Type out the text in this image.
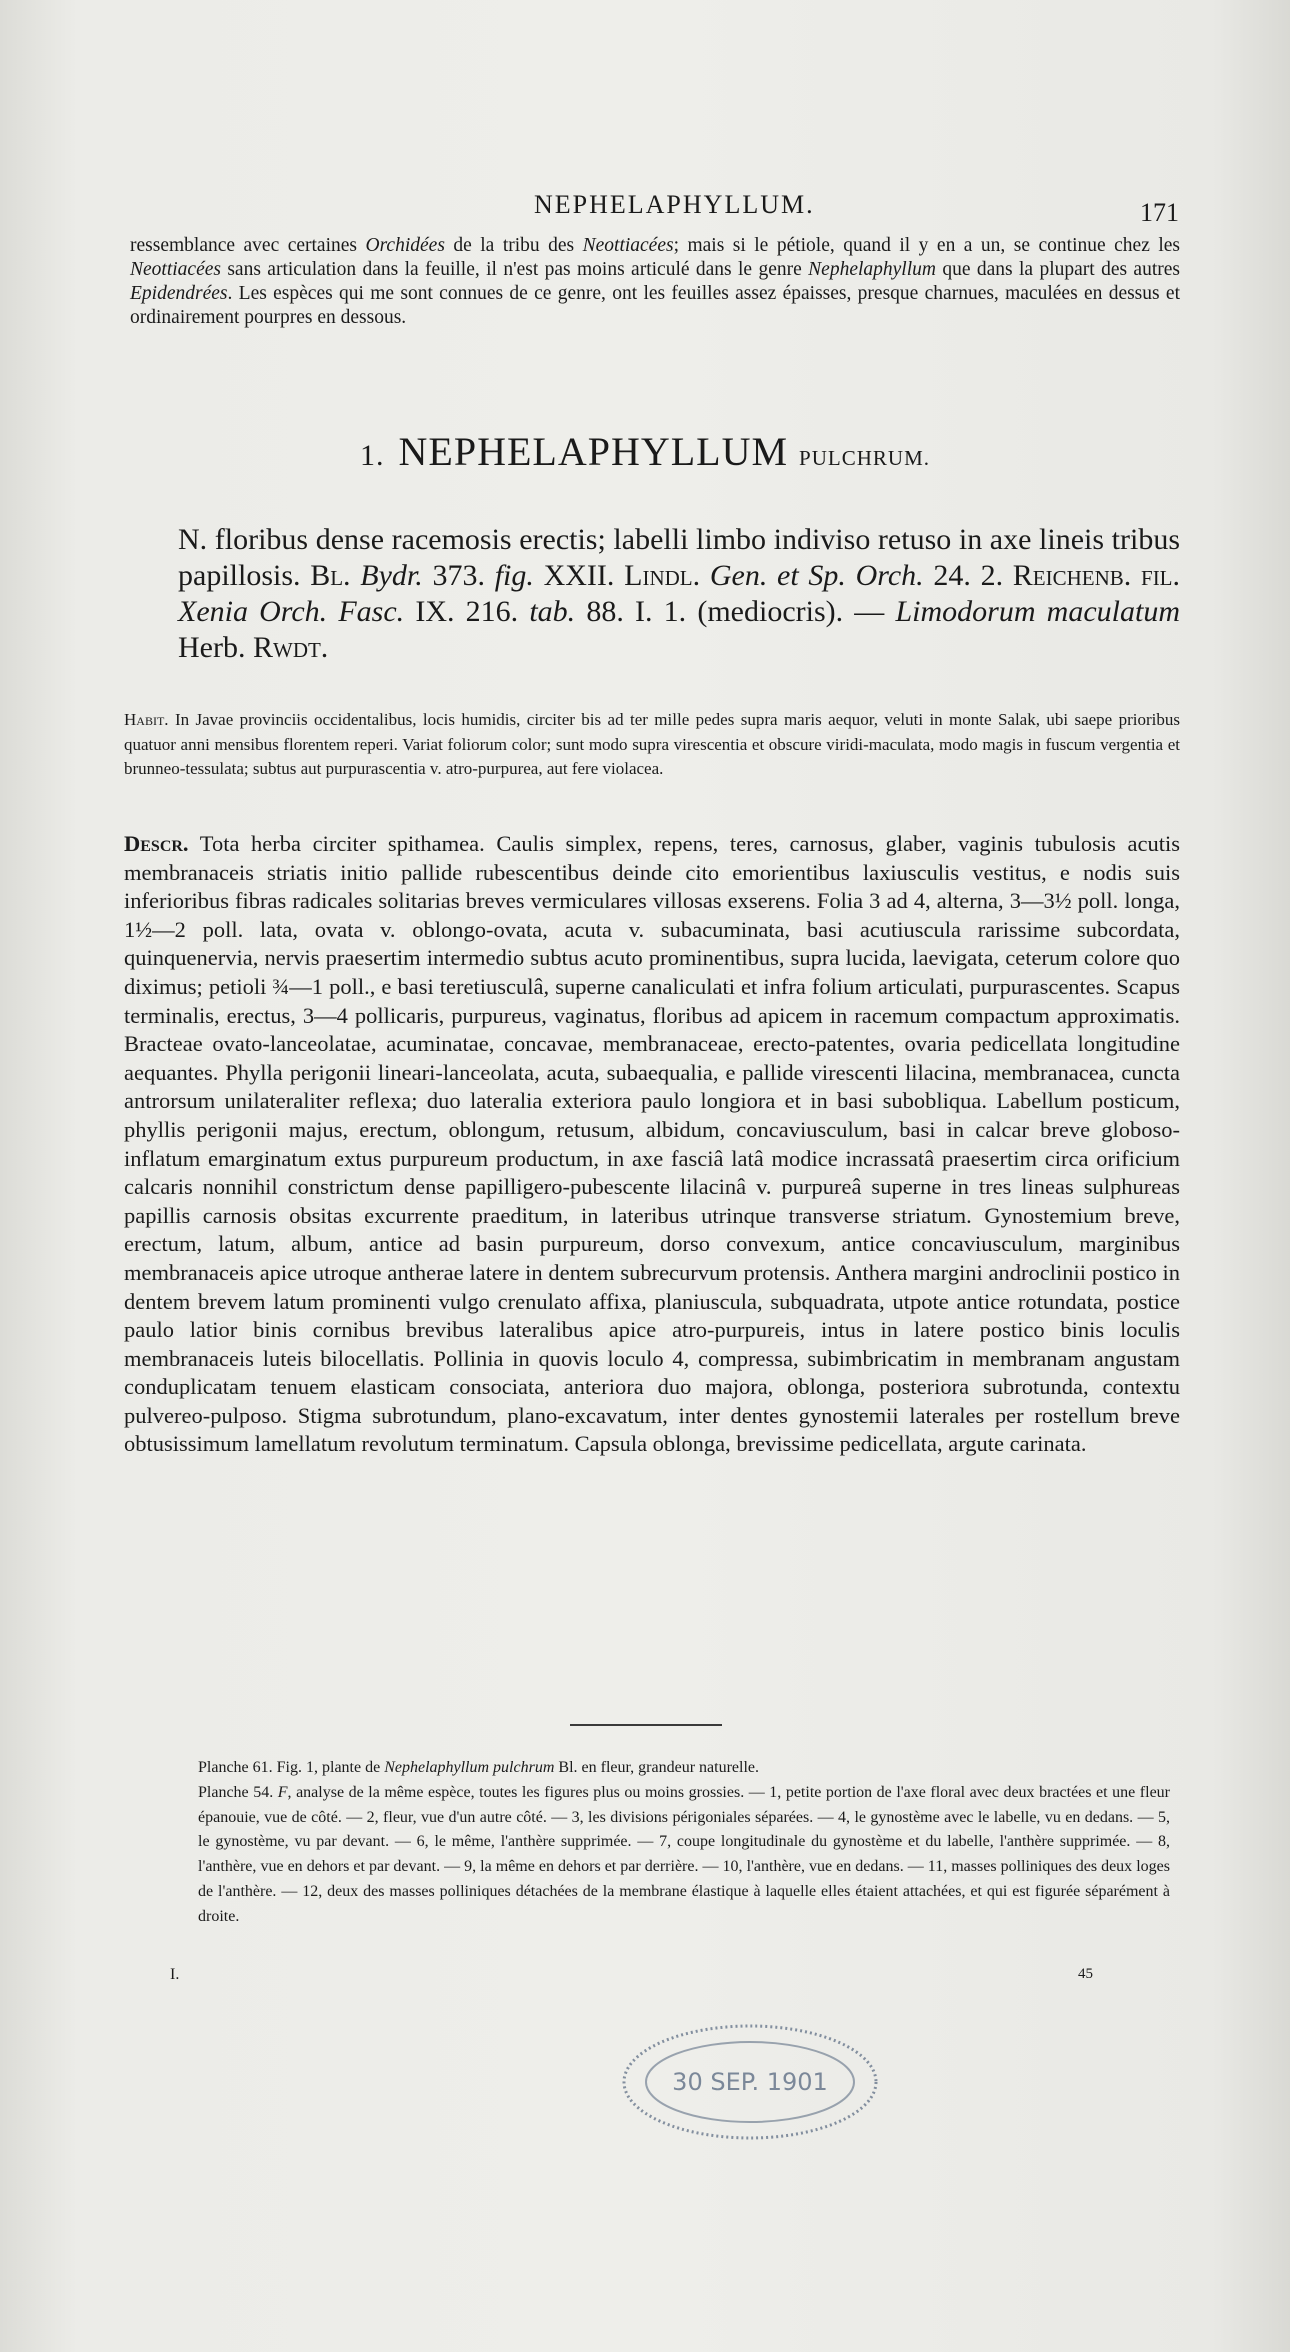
NEPHELAPHYLLUM.	171
ressemblance avec certaines Orchidées de la tribu des Neottiacées; mais si le pétiole, quand il y en a un, se continue chez les Neottiacées sans articulation dans la feuille, il n'est pas moins articulé dans le genre Nephelaphyllum que dans la plupart des autres Epidendrées. Les espèces qui me sont connues de ce genre, ont les feuilles assez épaisses, presque charnues, maculées en dessus et ordinairement pourpres en dessous.
1. NEPHELAPHYLLUM PULCHRUM.

N. floribus dense racemosis erectis; labelli limbo indiviso retuso in axe lineis tribus papillosis. Bl. Bydr. 373. fig. XXII. Lindl. Gen. et Sp. Orch. 24. 2. Reichenb. fil. Xenia Orch. Fasc. IX. 216. tab. 88. I. 1. (mediocris). — Limodorum maculatum Herb. Rwdt.

Habit. In Javae provinciis occidentalibus, locis humidis, circiter bis ad ter mille pedes supra maris aequor, veluti in monte Salak, ubi saepe prioribus quatuor anni mensibus florentem reperi. Variat foliorum color; sunt modo supra virescentia et obscure viridi-maculata, modo magis in fuscum vergentia et brunneo-tessulata; subtus aut purpurascentia v. atro-purpurea, aut fere violacea.

Descr. Tota herba circiter spithamea. Caulis simplex, repens, teres, carnosus, glaber, vaginis tubulosis acutis membranaceis striatis initio pallide rubescentibus deinde cito emorientibus laxiusculis vestitus, e nodis suis inferioribus fibras radicales solitarias breves vermiculares villosas exserens. Folia 3 ad 4, alterna, 3—3½ poll. longa, 1½—2 poll. lata, ovata v. oblongo-ovata, acuta v. subacuminata, basi acutiuscula rarissime subcordata, quinquenervia, nervis praesertim intermedio subtus acuto prominentibus, supra lucida, laevigata, ceterum colore quo diximus; petioli ¾—1 poll., e basi teretiusculâ, superne canaliculati et infra folium articulati, purpurascentes. Scapus terminalis, erectus, 3—4 pollicaris, purpureus, vaginatus, floribus ad apicem in racemum compactum approximatis. Bracteae ovato-lanceolatae, acuminatae, concavae, membranaceae, erecto-patentes, ovaria pedicellata longitudine aequantes. Phylla perigonii lineari-lanceolata, acuta, subaequalia, e pallide virescenti lilacina, membranacea, cuncta antrorsum unilateraliter reflexa; duo lateralia exteriora paulo longiora et in basi subobliqua. Labellum posticum, phyllis perigonii majus, erectum, oblongum, retusum, albidum, concaviusculum, basi in calcar breve globoso-inflatum emarginatum extus purpureum productum, in axe fasciâ latâ modice incrassatâ praesertim circa orificium calcaris nonnihil constrictum dense papilligero-pubescente lilacinâ v. purpureâ superne in tres lineas sulphureas papillis carnosis obsitas excurrente praeditum, in lateribus utrinque transverse striatum. Gynostemium breve, erectum, latum, album, antice ad basin purpureum, dorso convexum, antice concaviusculum, marginibus membranaceis apice utroque antherae latere in dentem subrecurvum protensis. Anthera margini androclinii postico in dentem brevem latum prominenti vulgo crenulato affixa, planiuscula, subquadrata, utpote antice rotundata, postice paulo latior binis cornibus brevibus lateralibus apice atro-purpureis, intus in latere postico binis loculis membranaceis luteis bilocellatis. Pollinia in quovis loculo 4, compressa, subimbricatim in membranam angustam conduplicatam tenuem elasticam consociata, anteriora duo majora, oblonga, posteriora subrotunda, contextu pulvereo-pulposo. Stigma subrotundum, plano-excavatum, inter dentes gynostemii laterales per rostellum breve obtusissimum lamellatum revolutum terminatum. Capsula oblonga, brevissime pedicellata, argute carinata.

Planche 61. Fig. 1, plante de Nephelaphyllum pulchrum Bl. en fleur, grandeur naturelle.

Planche 54. F, analyse de la même espèce, toutes les figures plus ou moins grossies. — 1, petite portion de l'axe floral avec deux bractées et une fleur épanouie, vue de côté. — 2, fleur, vue d'un autre côté. — 3, les divisions périgoniales séparées. — 4, le gynostème avec le labelle, vu en dedans. — 5, le gynostème, vu par devant. — 6, le même, l'anthère supprimée. — 7, coupe longitudinale du gynostème et du labelle, l'anthère supprimée. — 8, l'anthère, vue en dehors et par devant. — 9, la même en dehors et par derrière. — 10, l'anthère, vue en dedans. — 11, masses polliniques des deux loges de l'anthère. — 12, deux des masses polliniques détachées de la membrane élastique à laquelle elles étaient attachées, et qui est figurée séparément à droite.

I.	45
30 SEP. 1901
